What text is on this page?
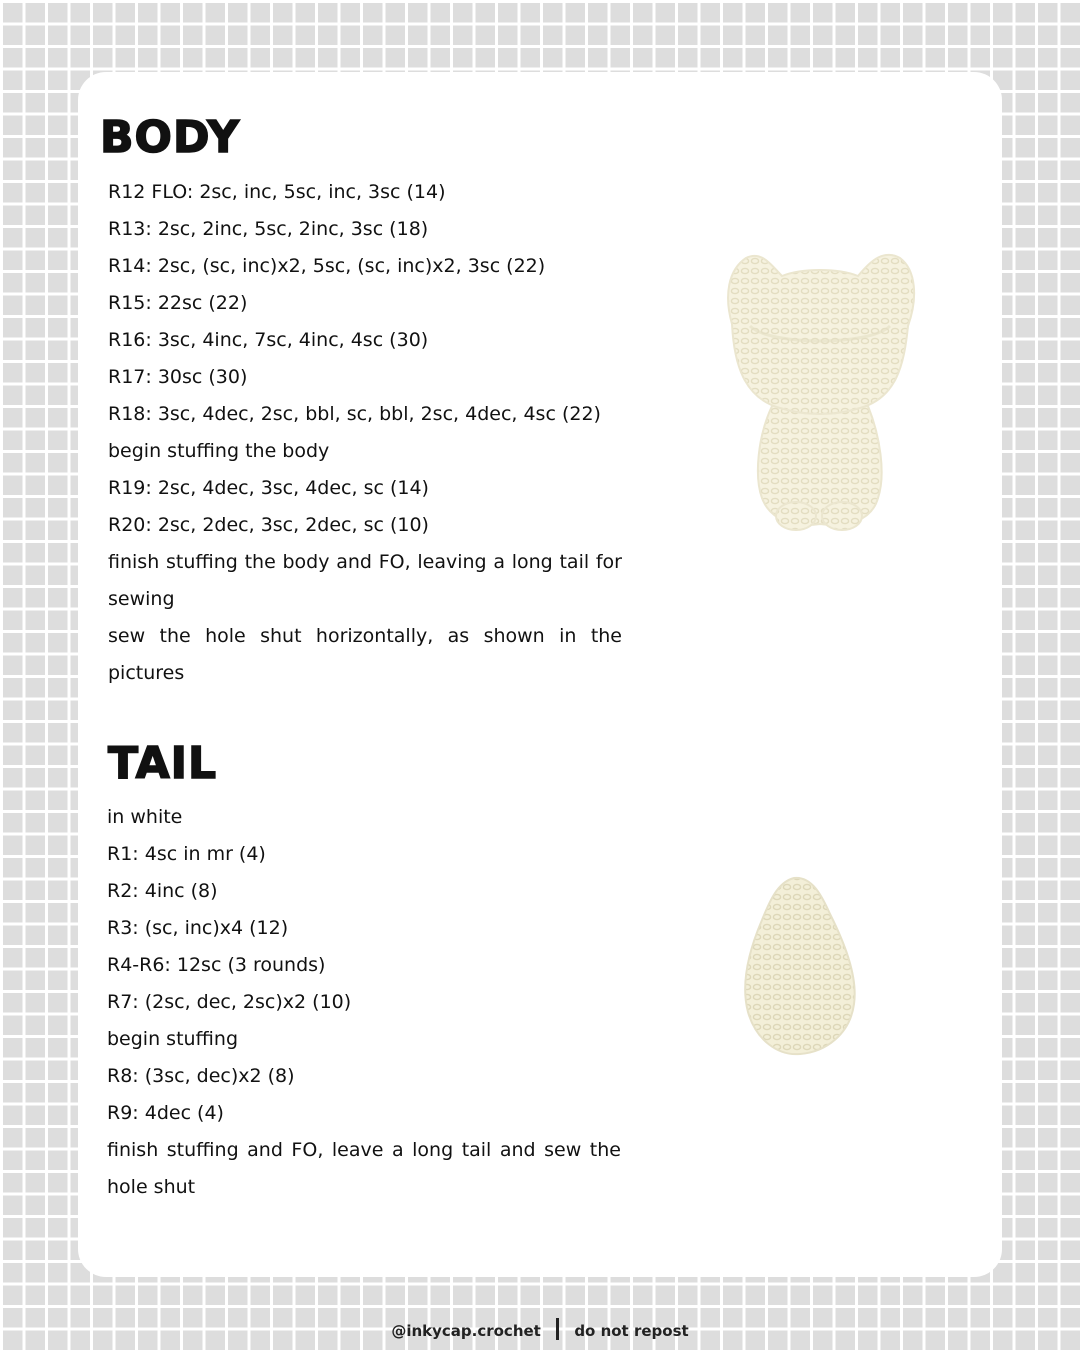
BODY
R12 FLO: 2sc, inc, 5sc, inc, 3sc (14)
R13: 2sc, 2inc, 5sc, 2inc, 3sc (18)
R14: 2sc, (sc, inc)x2, 5sc, (sc, inc)x2, 3sc (22)
R15: 22sc (22)
R16: 3sc, 4inc, 7sc, 4inc, 4sc (30)
R17: 30sc (30)
R18: 3sc, 4dec, 2sc, bbl, sc, bbl, 2sc, 4dec, 4sc (22)
begin stuffing the body
R19: 2sc, 4dec, 3sc, 4dec, sc (14)
R20: 2sc, 2dec, 3sc, 2dec, sc (10)
finish stuffing the body and FO, leaving a long tail for sewing
sew the hole shut horizontally, as shown in the pictures
TAIL
in white
R1: 4sc in mr (4)
R2: 4inc (8)
R3: (sc, inc)x4 (12)
R4-R6: 12sc (3 rounds)
R7: (2sc, dec, 2sc)x2 (10)
begin stuffing
R8: (3sc, dec)x2 (8)
R9: 4dec (4)
finish stuffing and FO, leave a long tail and sew the hole shut
@inkycap.crochet do not repost
